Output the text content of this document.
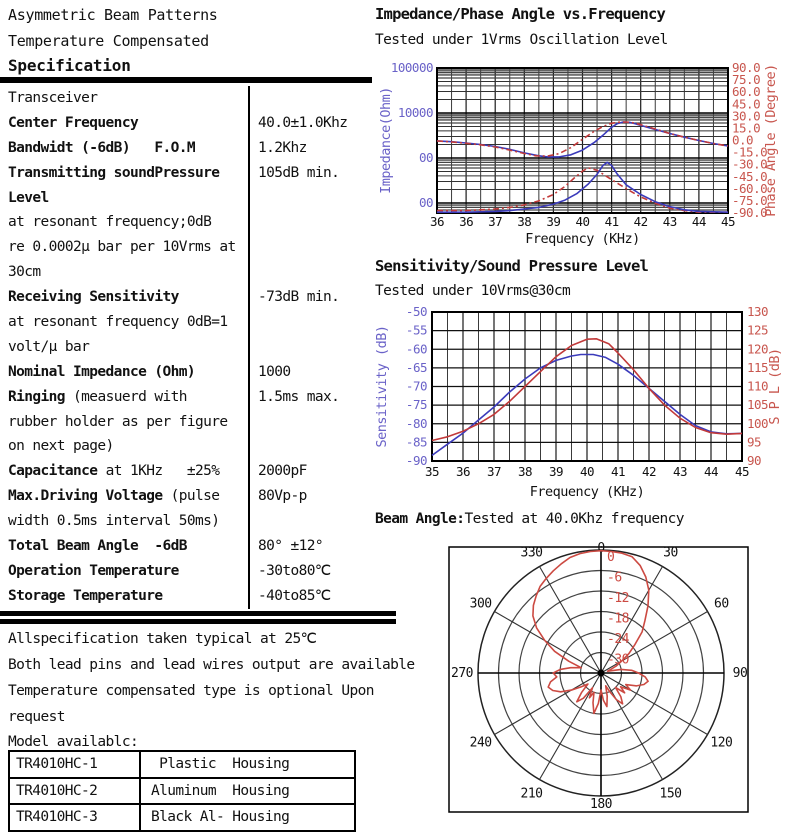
Asymmetric Beam Patterns
Temperature Compensated
Specification
Transceiver
Center Frequency	40.0±1.0Khz
Bandwidt (-6dB)   F.O.M	1.2Khz
Transmitting soundPressure	105dB min.
Level
at resonant frequency;0dB
re 0.0002μ bar per 10Vrms at
30cm
Receiving Sensitivity	-73dB min.
at resonant frequency 0dB=1
volt/μ bar
Nominal Impedance (Ohm)	1000
Ringing (measuerd with	1.5ms max.
rubber holder as per figure
on next page)
Capacitance at 1KHz   ±25%	2000pF
Max.Driving Voltage (pulse	80Vp-p
width 0.5ms interval 50ms)
Total Beam Angle  -6dB	80° ±12°
Operation Temperature	-30to80℃
Storage Temperature	-40to85℃
Allspecification taken typical at 25℃
Both lead pins and lead wires output are available
Temperature compensated type is optional Upon
request
Model availablc:
TR4010HC-1	Plastic  Housing
TR4010HC-2	Aluminum  Housing
TR4010HC-3	Black Al- Housing
Impedance/Phase Angle vs.Frequency
Tested under 1Vrms Oscillation Level
Sensitivity/Sound Pressure Level
Tested under 10Vrms@30cm
Beam Angle:Tested at 40.0Khz frequency
100000
10000
00
00
90.0
75.0
60.0
45.0
30.0
15.0
0.0
-15.0
-30.0
-45.0
-60.0
-75.0
-90.0
36 36 37 38 39 40 41 42 43 44 45
Frequency (KHz)
Impedance(Ohm)	Phase Angle (Degree)
-50
-55
-60
-65
-70
-75
-80
-85
-90
130
125
120
115
110
105
100
95
90
35 36 37 38 39 40 41 42 43 44 45
Frequency (KHz)
Sensitivity (dB)	S P L (dB)
0	30
60
90
120
150
180
210
240
270
300
330	0
-6
-12
-18
-24
-30
